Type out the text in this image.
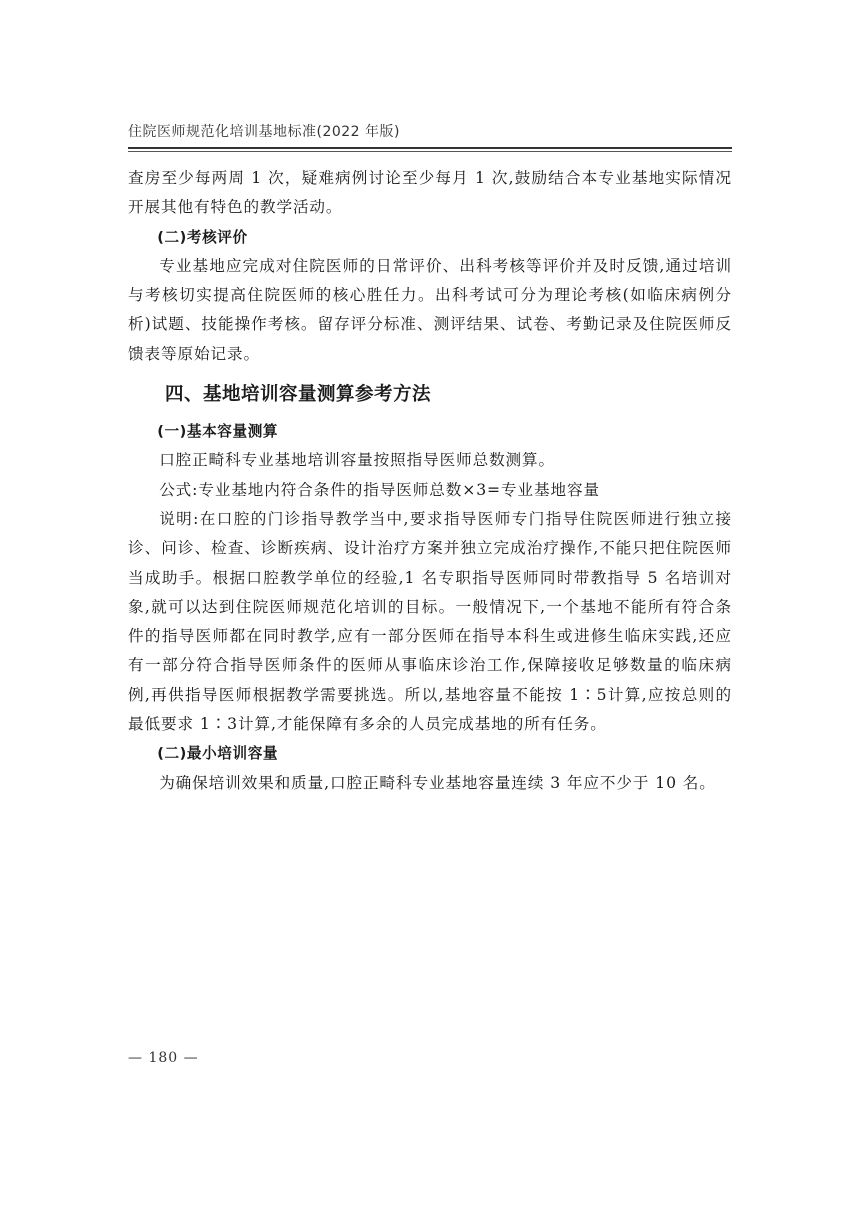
住院医师规范化培训基地标准(2022 年版)

查房至少每两周 1 次，疑难病例讨论至少每月 1 次,鼓励结合本专业基地实际情况开展其他有特色的教学活动。

(二)考核评价

专业基地应完成对住院医师的日常评价、出科考核等评价并及时反馈,通过培训与考核切实提高住院医师的核心胜任力。出科考试可分为理论考核(如临床病例分析)试题、技能操作考核。留存评分标准、测评结果、试卷、考勤记录及住院医师反馈表等原始记录。

四、基地培训容量测算参考方法
(一)基本容量测算

口腔正畸科专业基地培训容量按照指导医师总数测算。

公式:专业基地内符合条件的指导医师总数×3=专业基地容量

说明:在口腔的门诊指导教学当中,要求指导医师专门指导住院医师进行独立接诊、问诊、检查、诊断疾病、设计治疗方案并独立完成治疗操作,不能只把住院医师当成助手。根据口腔教学单位的经验,1 名专职指导医师同时带教指导 5 名培训对象,就可以达到住院医师规范化培训的目标。一般情况下,一个基地不能所有符合条件的指导医师都在同时教学,应有一部分医师在指导本科生或进修生临床实践,还应有一部分符合指导医师条件的医师从事临床诊治工作,保障接收足够数量的临床病例,再供指导医师根据教学需要挑选。所以,基地容量不能按 1∶5计算,应按总则的最低要求 1∶3计算,才能保障有多余的人员完成基地的所有任务。

(二)最小培训容量

为确保培训效果和质量,口腔正畸科专业基地容量连续 3 年应不少于 10 名。

— 180 —
